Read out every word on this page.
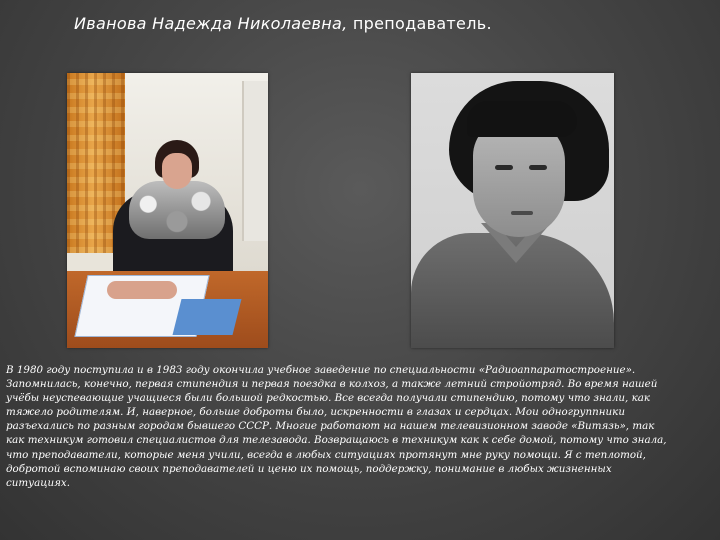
Иванова Надежда Николаевна, преподаватель.

В 1980 году поступила и в 1983 году окончила учебное заведение по специальности «Радиоаппаратостроение».
Запомнилась, конечно, первая стипендия и первая поездка в колхоз, а также летний стройотряд. Во время нашей
учёбы неуспевающие учащиеся были большой редкостью. Все всегда получали стипендию, потому что знали, как
тяжело родителям. И, наверное, больше доброты было, искренности в глазах и сердцах. Мои одногруппники
разъехались по разным городам бывшего СССР. Многие работают на нашем телевизионном заводе «Витязь», так
как техникум готовил специалистов для телезавода. Возвращаюсь в техникум как к себе домой, потому что знала,
что преподаватели, которые меня учили, всегда в любых ситуациях протянут мне руку помощи. Я с теплотой,
добротой вспоминаю своих преподавателей и ценю их помощь, поддержку, понимание в любых жизненных
ситуациях.
